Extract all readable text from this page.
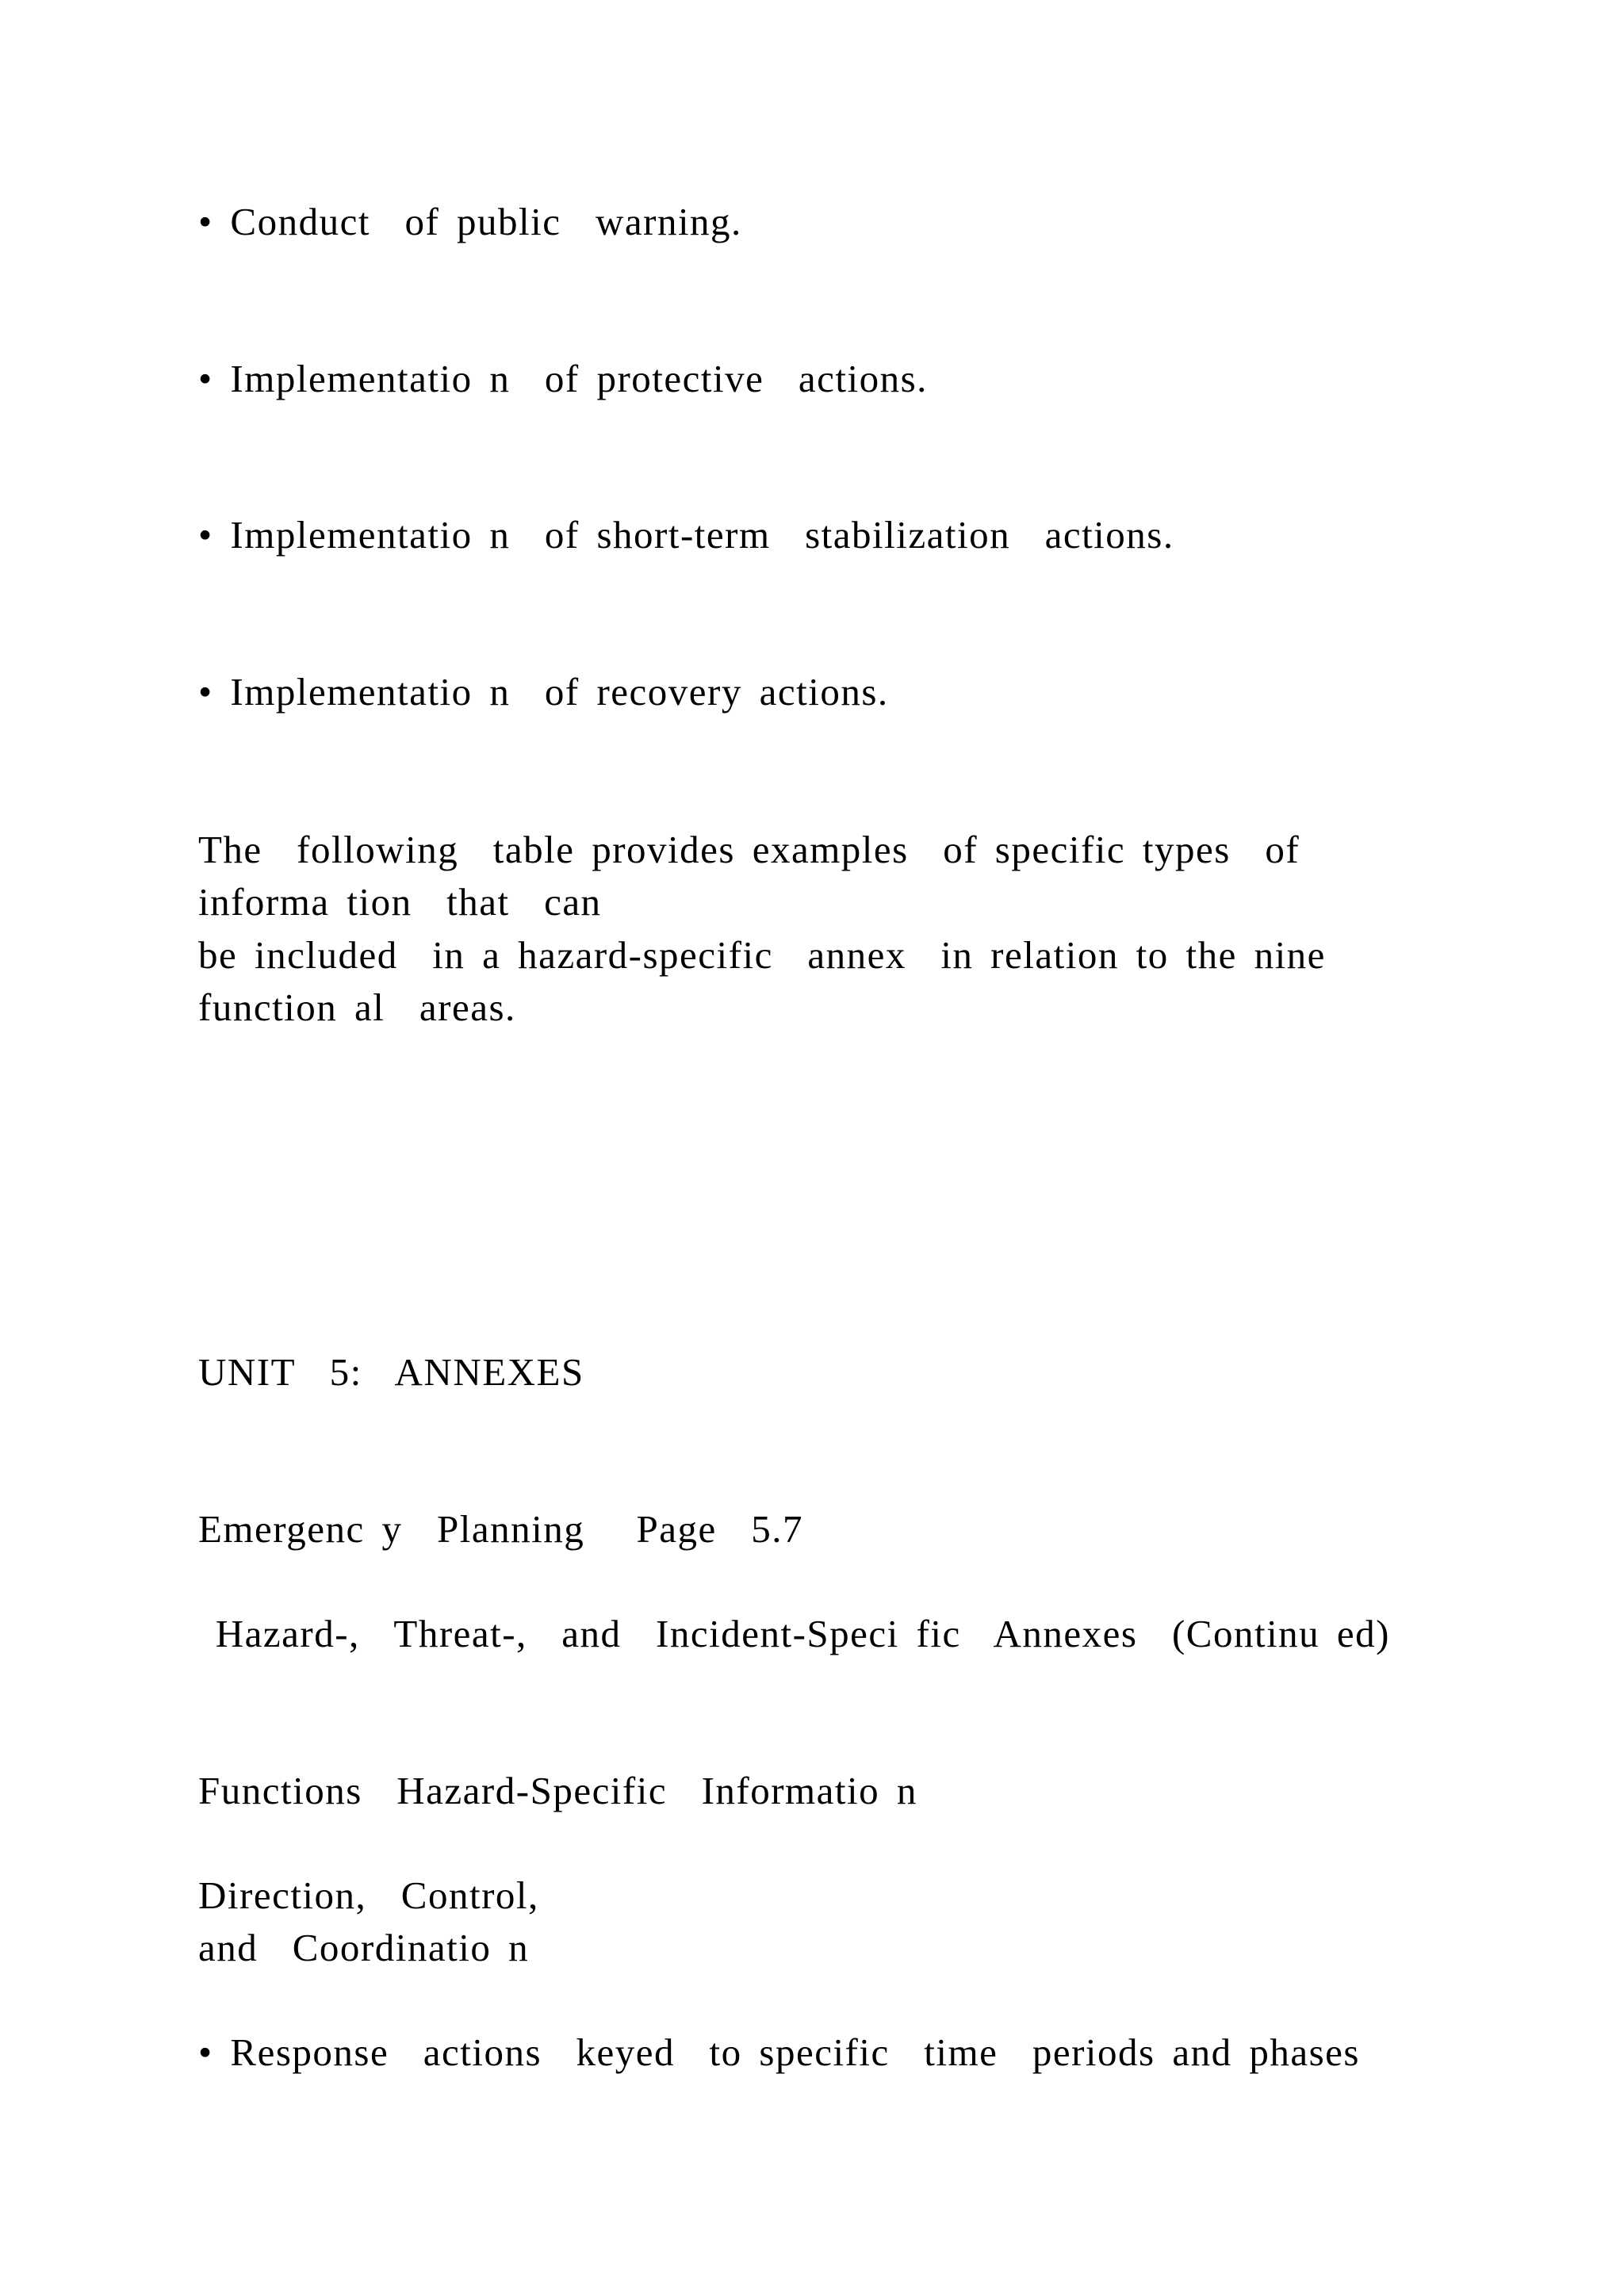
• Conduct  of public  warning.
• Implementatio n  of protective  actions.
• Implementatio n  of short-term  stabilization  actions.
• Implementatio n  of recovery actions.
The  following  table provides examples  of specific types  of
informa tion  that  can
be included  in a hazard-specific  annex  in relation to the nine
function al  areas.
UNIT  5:  ANNEXES
Emergenc y  Planning   Page  5.7
Hazard-,  Threat-,  and  Incident-Speci fic  Annexes  (Continu ed)
Functions  Hazard-Specific  Informatio n
Direction,  Control,
and  Coordinatio n
• Response  actions  keyed  to specific  time  periods and phases
